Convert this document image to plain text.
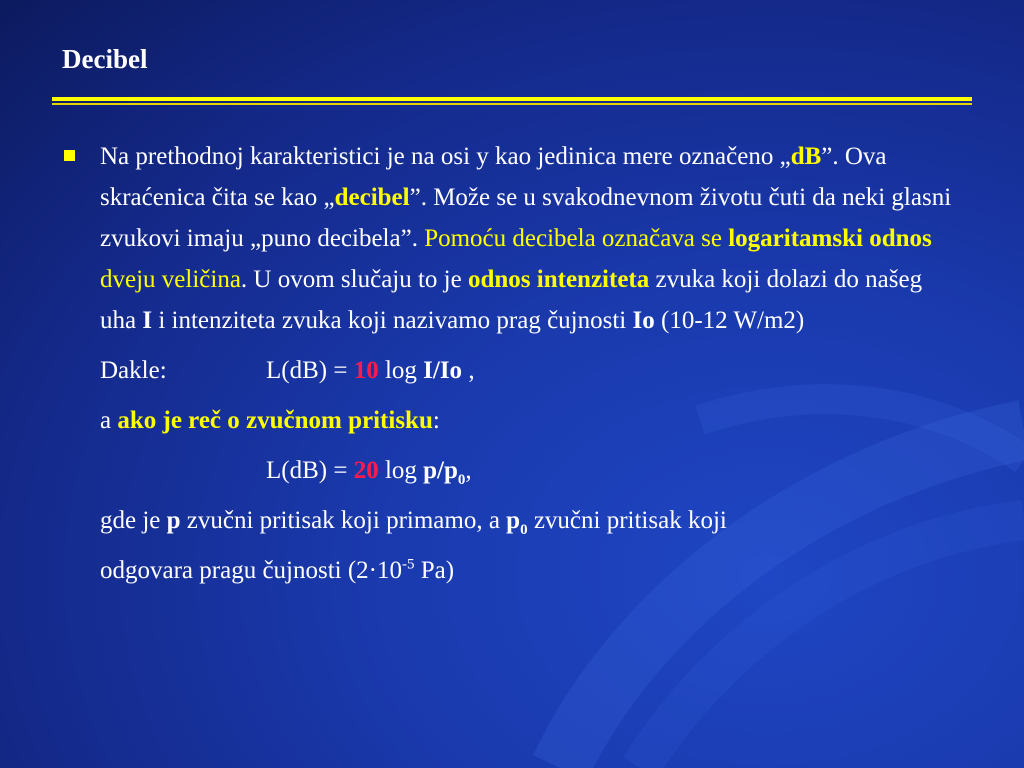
Decibel
Na prethodnoj karakteristici je na osi y kao jedinica mere označeno „dB”. Ova skraćenica čita se kao „decibel”. Može se u svakodnevnom životu čuti da neki glasni zvukovi imaju „puno decibela”. Pomoću decibela označava se logaritamski odnos dveju veličina. U ovom slučaju to je odnos intenziteta zvuka koji dolazi do našeg uha I i intenziteta zvuka koji nazivamo prag čujnosti Io (10-12 W/m2)
Dakle:	L(dB) = 10 log I/Io ,
a ako je reč o zvučnom pritisku:
L(dB) = 20 $\log p/p_0$,
gde je p zvučni pritisak koji primamo, a $p_0$ zvučni pritisak koji
odgovara pragu čujnosti ($2\cdot 10^{-5}$ Pa)
